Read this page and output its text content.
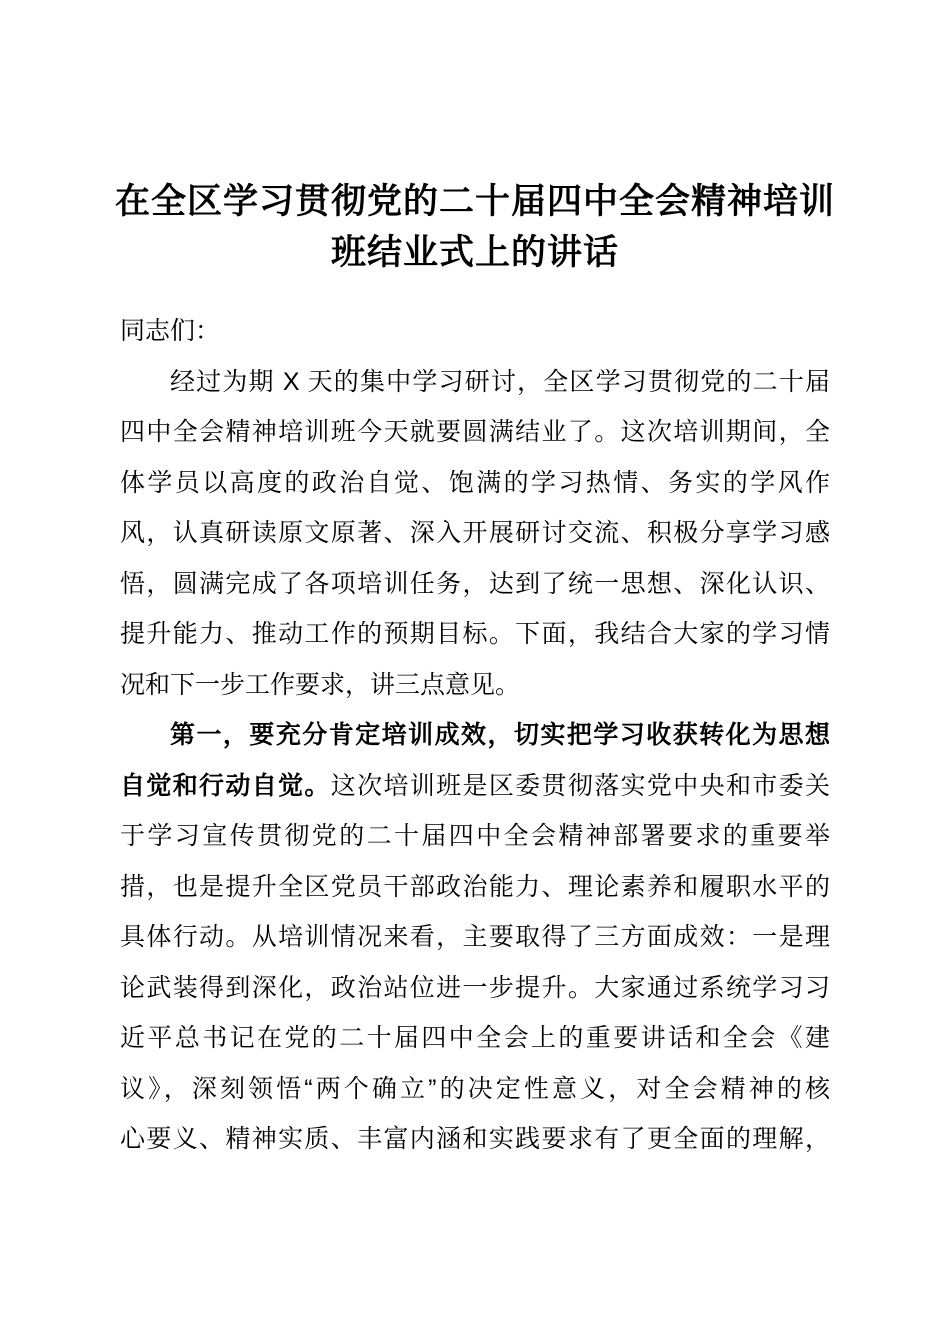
在全区学习贯彻党的二十届四中全会精神培训
班结业式上的讲话
同志们：
经过为期 X 天的集中学习研讨，全区学习贯彻党的二十届
四中全会精神培训班今天就要圆满结业了。这次培训期间，全
体学员以高度的政治自觉、饱满的学习热情、务实的学风作
风，认真研读原文原著、深入开展研讨交流、积极分享学习感
悟，圆满完成了各项培训任务，达到了统一思想、深化认识、
提升能力、推动工作的预期目标。下面，我结合大家的学习情
况和下一步工作要求，讲三点意见。
第一，要充分肯定培训成效，切实把学习收获转化为思想
自觉和行动自觉。这次培训班是区委贯彻落实党中央和市委关
于学习宣传贯彻党的二十届四中全会精神部署要求的重要举
措，也是提升全区党员干部政治能力、理论素养和履职水平的
具体行动。从培训情况来看，主要取得了三方面成效：一是理
论武装得到深化，政治站位进一步提升。大家通过系统学习习
近平总书记在党的二十届四中全会上的重要讲话和全会《建
议》，深刻领悟“两个确立”的决定性意义，对全会精神的核
心要义、精神实质、丰富内涵和实践要求有了更全面的理解，
